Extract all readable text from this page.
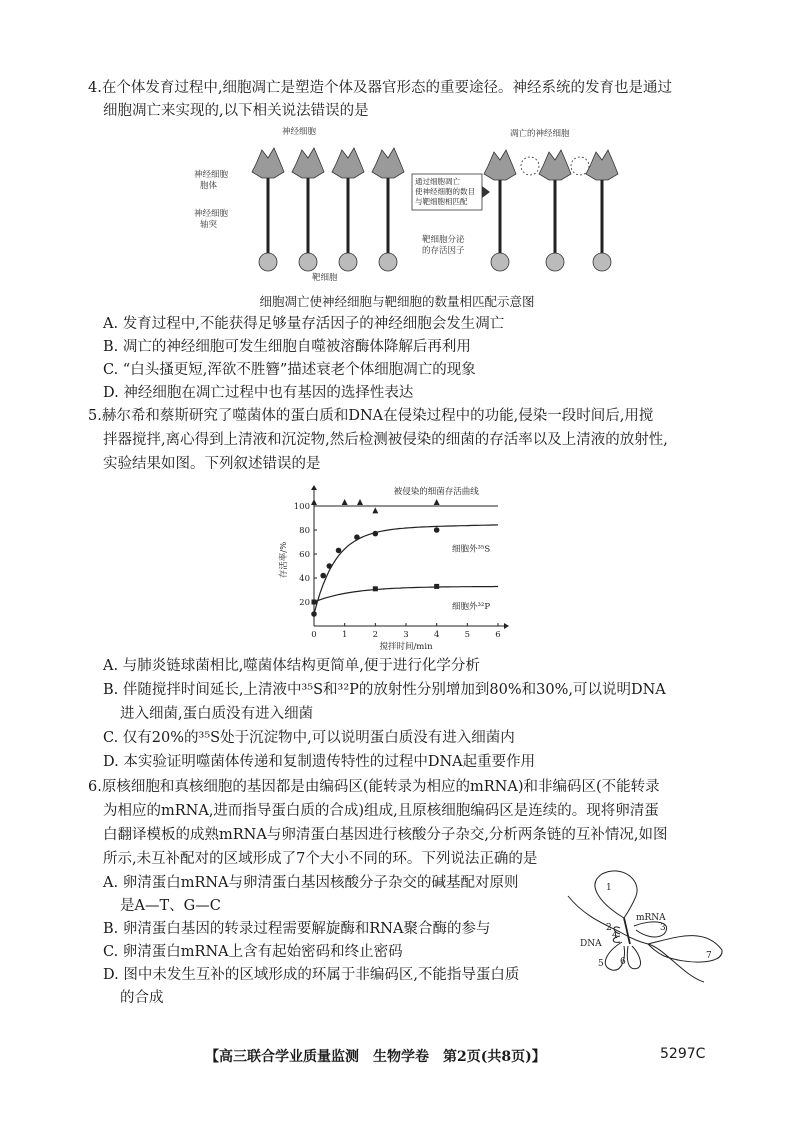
4.在个体发育过程中,细胞凋亡是塑造个体及器官形态的重要途径。神经系统的发育也是通过
细胞凋亡来实现的,以下相关说法错误的是
神经细胞
神经细胞胞体
神经细胞轴突
靶细胞
靶细胞分泌的存活因子
凋亡的神经细胞
通过细胞凋亡使神经细胞的数目与靶细胞相匹配
细胞凋亡使神经细胞与靶细胞的数量相匹配示意图
A. 发育过程中,不能获得足够量存活因子的神经细胞会发生凋亡
B. 凋亡的神经细胞可发生细胞自噬被溶酶体降解后再利用
C. “白头搔更短,浑欲不胜簪”描述衰老个体细胞凋亡的现象
D. 神经细胞在凋亡过程中也有基因的选择性表达
5.赫尔希和蔡斯研究了噬菌体的蛋白质和DNA在侵染过程中的功能,侵染一段时间后,用搅
拌器搅拌,离心得到上清液和沉淀物,然后检测被侵染的细菌的存活率以及上清液的放射性,
实验结果如图。下列叙述错误的是
0	1	2	3	4	5	6
20
40
60
80
100
搅拌时间/min
存活率/%
被侵染的细菌存活曲线
细胞外³⁵S
细胞外³²P
A. 与肺炎链球菌相比,噬菌体结构更简单,便于进行化学分析
B. 伴随搅拌时间延长,上清液中³⁵S和³²P的放射性分别增加到80%和30%,可以说明DNA
进入细菌,蛋白质没有进入细菌
C. 仅有20%的³⁵S处于沉淀物中,可以说明蛋白质没有进入细菌内
D. 本实验证明噬菌体传递和复制遗传特性的过程中DNA起重要作用
6.原核细胞和真核细胞的基因都是由编码区(能转录为相应的mRNA)和非编码区(不能转录
为相应的mRNA,进而指导蛋白质的合成)组成,且原核细胞编码区是连续的。现将卵清蛋
白翻译模板的成熟mRNA与卵清蛋白基因进行核酸分子杂交,分析两条链的互补情况,如图
所示,未互补配对的区域形成了7个大小不同的环。下列说法正确的是
A. 卵清蛋白mRNA与卵清蛋白基因核酸分子杂交的碱基配对原则
是A—T、G—C
B. 卵清蛋白基因的转录过程需要解旋酶和RNA聚合酶的参与
C. 卵清蛋白mRNA上含有起始密码和终止密码
D. 图中未发生互补的区域形成的环属于非编码区,不能指导蛋白质
的合成
1
mRNA
2	3
4
DNA
5 6
7
【高三联合学业质量监测　生物学卷　第2页(共8页)】	5297C
